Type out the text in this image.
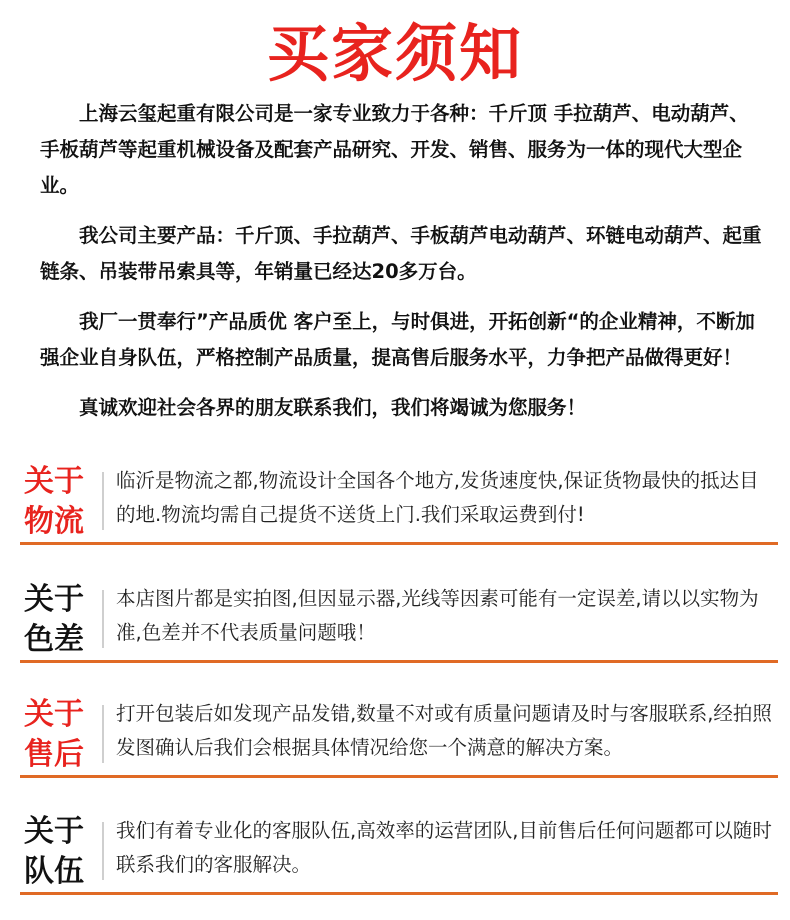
买家须知

上海云玺起重有限公司是一家专业致力于各种：千斤顶 手拉葫芦、电动葫芦、手板葫芦等起重机械设备及配套产品研究、开发、销售、服务为一体的现代大型企业。

我公司主要产品：千斤顶、手拉葫芦、手板葫芦电动葫芦、环链电动葫芦、起重链条、吊装带吊索具等，年销量已经达20多万台。

我厂一贯奉行”产品质优 客户至上，与时俱进，开拓创新“的企业精神，不断加强企业自身队伍，严格控制产品质量，提高售后服务水平，力争把产品做得更好！

真诚欢迎社会各界的朋友联系我们，我们将竭诚为您服务！

关于
物流
临沂是物流之都,物流设计全国各个地方,发货速度快,保证货物最快的抵达目的地.物流均需自己提货不送货上门.我们采取运费到付!
关于
色差
本店图片都是实拍图,但因显示器,光线等因素可能有一定误差,请以以实物为准,色差并不代表质量问题哦！
关于
售后
打开包装后如发现产品发错,数量不对或有质量问题请及时与客服联系,经拍照发图确认后我们会根据具体情况给您一个满意的解决方案。
关于
队伍
我们有着专业化的客服队伍,高效率的运营团队,目前售后任何问题都可以随时联系我们的客服解决。
